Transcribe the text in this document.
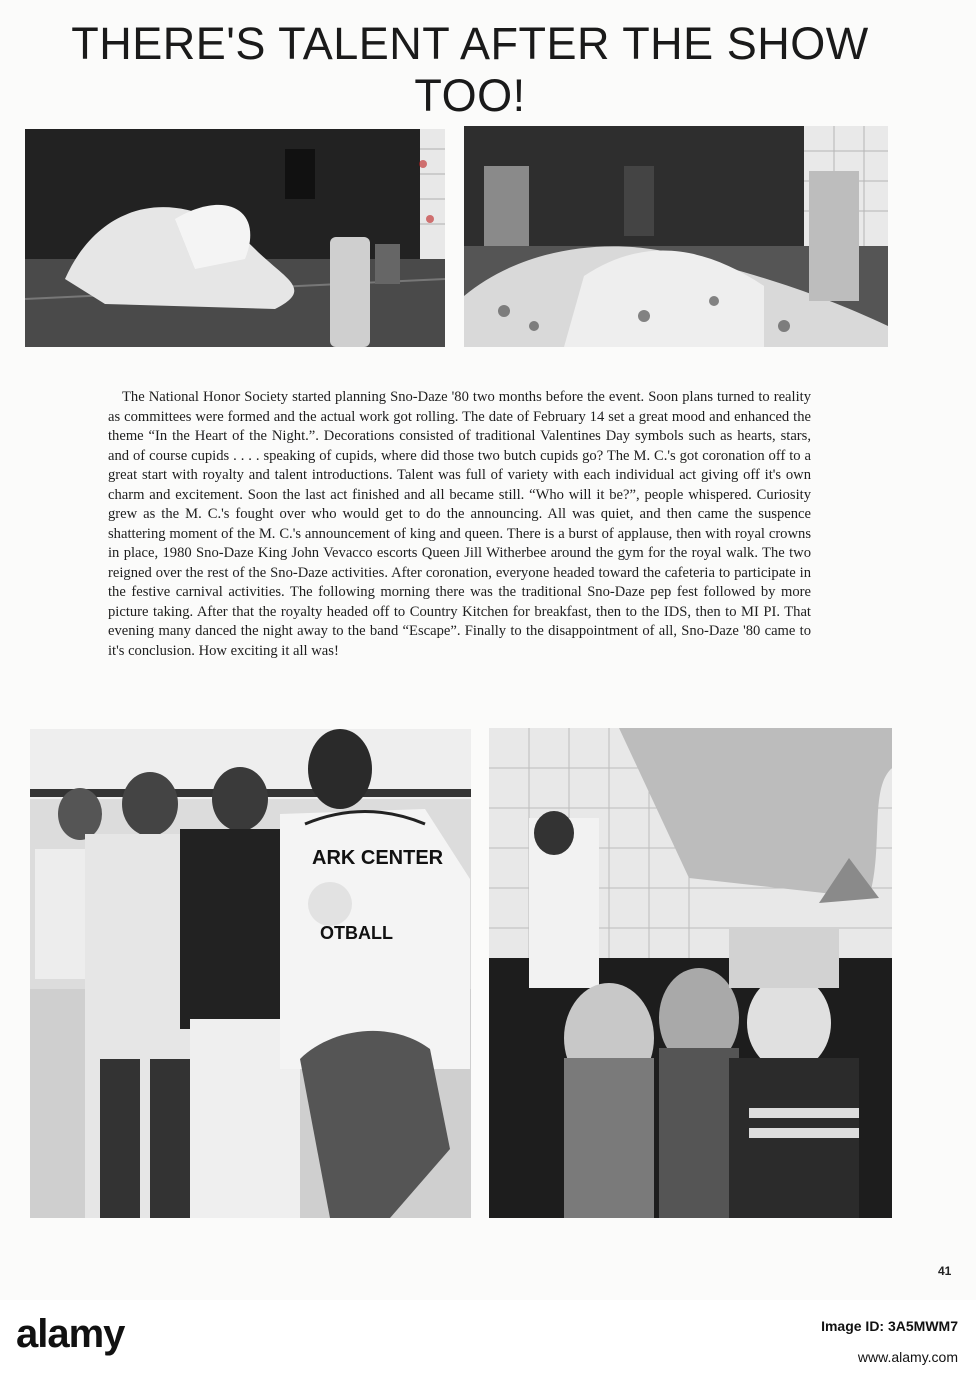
THERE'S TALENT AFTER THE SHOW TOO!

The National Honor Society started planning Sno-Daze '80 two months before the event. Soon plans turned to reality as committees were formed and the actual work got rolling. The date of February 14 set a great mood and enhanced the theme “In the Heart of the Night.”. Decorations consisted of traditional Valentines Day symbols such as hearts, stars, and of course cupids . . . . speaking of cupids, where did those two butch cupids go? The M. C.'s got coronation off to a great start with royalty and talent introductions. Talent was full of variety with each individual act giving off it's own charm and excitement. Soon the last act finished and all became still. “Who will it be?”, people whispered. Curiosity grew as the M. C.'s fought over who would get to do the announcing. All was quiet, and then came the suspence shattering moment of the M. C.'s announcement of king and queen. There is a burst of applause, then with royal crowns in place, 1980 Sno-Daze King John Vevacco escorts Queen Jill Witherbee around the gym for the royal walk. The two reigned over the rest of the Sno-Daze activities. After coronation, everyone headed toward the cafeteria to participate in the festive carnival activities. The following morning there was the traditional Sno-Daze pep fest followed by more picture taking. After that the royalty headed off to Country Kitchen for breakfast, then to the IDS, then to MI PI. That evening many danced the night away to the band “Escape”. Finally to the disappointment of all, Sno-Daze '80 came to it's conclusion. How exciting it all was!

ARK CENTER
OTBALL
41
alamy	Image ID: 3A5MWM7
www.alamy.com
